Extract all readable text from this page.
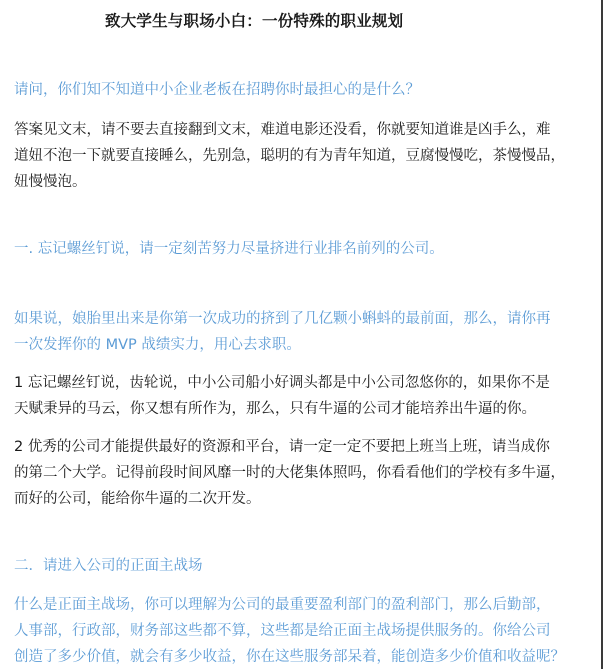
致大学生与职场小白：一份特殊的职业规划
请问，你们知不知道中小企业老板在招聘你时最担心的是什么？
答案见文末，请不要去直接翻到文末，难道电影还没看，你就要知道谁是凶手么，难
道妞不泡一下就要直接睡么，先别急，聪明的有为青年知道，豆腐慢慢吃，茶慢慢品，
妞慢慢泡。
一. 忘记螺丝钉说，请一定刻苦努力尽量挤进行业排名前列的公司。
如果说，娘胎里出来是你第一次成功的挤到了几亿颗小蝌蚪的最前面，那么，请你再
一次发挥你的 MVP 战绩实力，用心去求职。
1 忘记螺丝钉说，齿轮说，中小公司船小好调头都是中小公司忽悠你的，如果你不是
天赋秉异的马云，你又想有所作为，那么，只有牛逼的公司才能培养出牛逼的你。
2 优秀的公司才能提供最好的资源和平台，请一定一定不要把上班当上班，请当成你
的第二个大学。记得前段时间风靡一时的大佬集体照吗，你看看他们的学校有多牛逼，
而好的公司，能给你牛逼的二次开发。
二．请进入公司的正面主战场
什么是正面主战场，你可以理解为公司的最重要盈利部门的盈利部门，那么后勤部，
人事部，行政部，财务部这些都不算，这些都是给正面主战场提供服务的。你给公司
创造了多少价值，就会有多少收益，你在这些服务部呆着，能创造多少价值和收益呢？
